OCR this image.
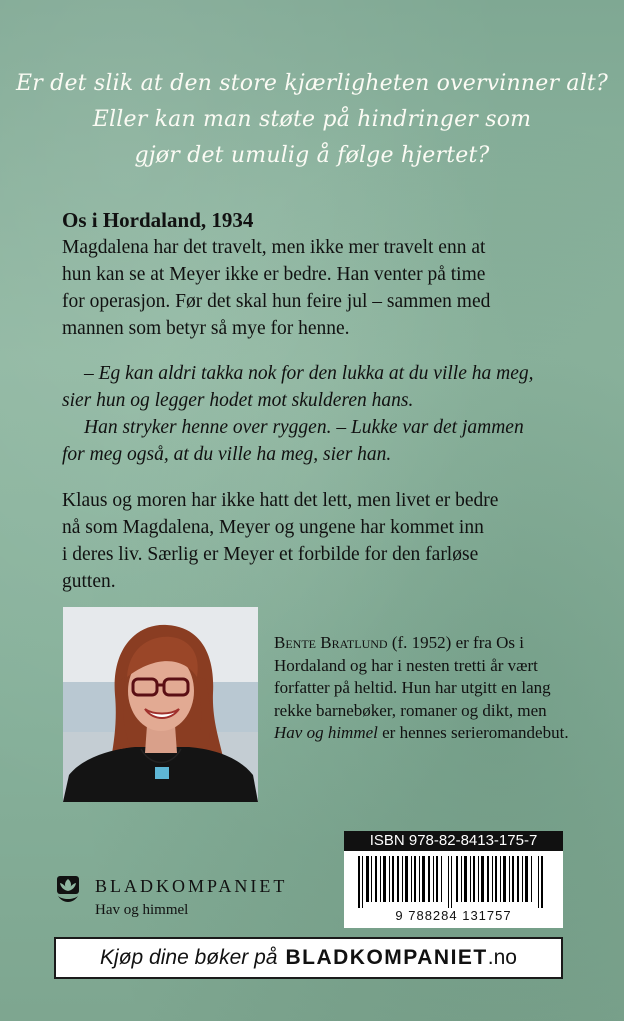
Er det slik at den store kjærligheten overvinner alt?
Eller kan man støte på hindringer som
gjør det umulig å følge hjertet?
Os i Hordaland, 1934
Magdalena har det travelt, men ikke mer travelt enn at
hun kan se at Meyer ikke er bedre. Han venter på time
for operasjon. Før det skal hun feire jul – sammen med
mannen som betyr så mye for henne.
– Eg kan aldri takka nok for den lukka at du ville ha meg,
sier hun og legger hodet mot skulderen hans.
Han stryker henne over ryggen. – Lukke var det jammen
for meg også, at du ville ha meg, sier han.
Klaus og moren har ikke hatt det lett, men livet er bedre
nå som Magdalena, Meyer og ungene har kommet inn
i deres liv. Særlig er Meyer et forbilde for den farløse
gutten.
Bente Bratlund (f. 1952) er fra Os i Hordaland og har i nesten tretti år vært forfatter på heltid. Hun har utgitt en lang rekke barnebøker, romaner og dikt, men Hav og himmel er hennes serieromandebut.
BLADKOMPANIET
Hav og himmel
ISBN 978-82-8413-175-7
9 788284 131757
Kjøp dine bøker på BLADKOMPANIET .no
